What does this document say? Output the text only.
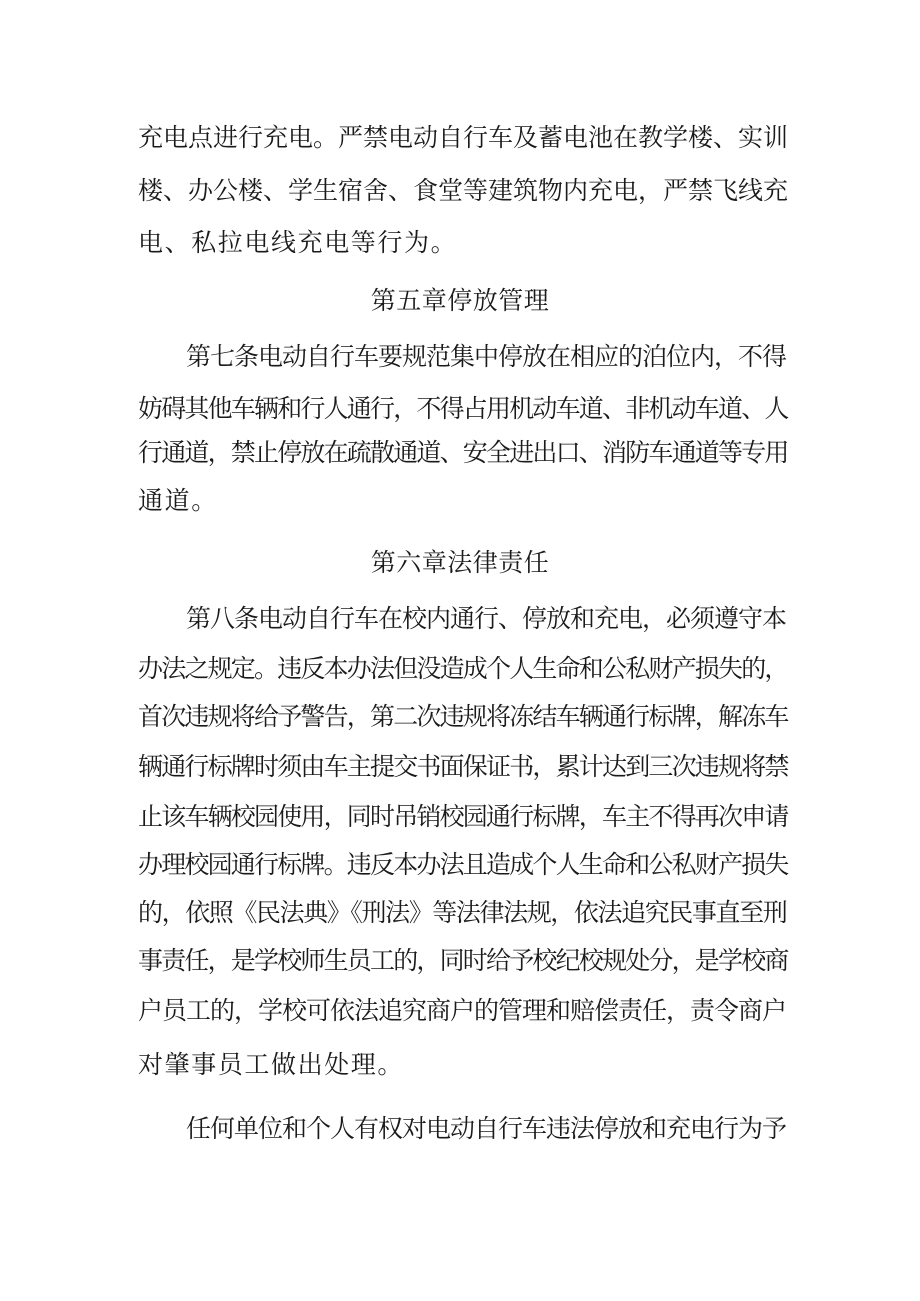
充电点进行充电。严禁电动自行车及蓄电池在教学楼、实训
楼、办公楼、学生宿舍、食堂等建筑物内充电，严禁飞线充
电、私拉电线充电等行为。
第五章停放管理
第七条电动自行车要规范集中停放在相应的泊位内，不得
妨碍其他车辆和行人通行，不得占用机动车道、非机动车道、人
行通道，禁止停放在疏散通道、安全进出口、消防车通道等专用
通道。
第六章法律责任
第八条电动自行车在校内通行、停放和充电，必须遵守本
办法之规定。违反本办法但没造成个人生命和公私财产损失的，
首次违规将给予警告，第二次违规将冻结车辆通行标牌，解冻车
辆通行标牌时须由车主提交书面保证书，累计达到三次违规将禁
止该车辆校园使用，同时吊销校园通行标牌，车主不得再次申请
办理校园通行标牌。违反本办法且造成个人生命和公私财产损失
的，依照《民法典》《刑法》等法律法规，依法追究民事直至刑
事责任，是学校师生员工的，同时给予校纪校规处分，是学校商
户员工的，学校可依法追究商户的管理和赔偿责任，责令商户
对肇事员工做出处理。
任何单位和个人有权对电动自行车违法停放和充电行为予
